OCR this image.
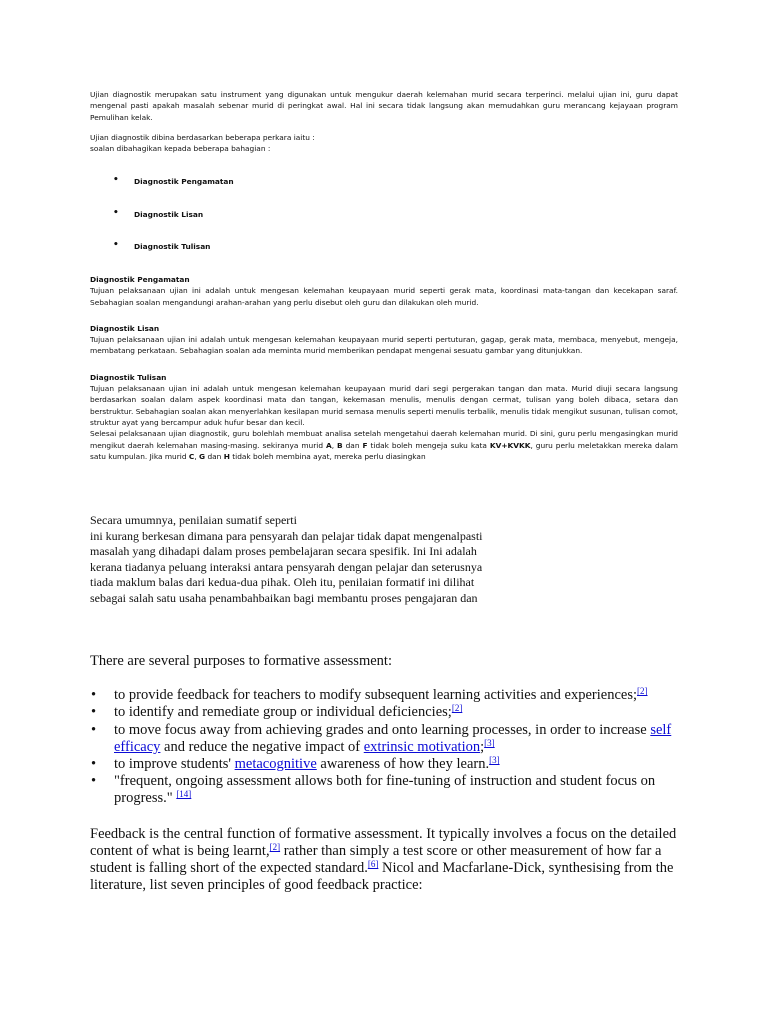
Ujian diagnostik merupakan satu instrument yang digunakan untuk mengukur daerah kelemahan murid secara terperinci. melalui ujian ini, guru dapat mengenal pasti apakah masalah sebenar murid di peringkat awal. Hal ini secara tidak langsung akan memudahkan guru merancang kejayaan program Pemulihan kelak.

Ujian diagnostik dibina berdasarkan beberapa perkara iaitu :

soalan dibahagikan kepada beberapa bahagian :

• Diagnostik Pengamatan
• Diagnostik Lisan
• Diagnostik Tulisan
Diagnostik Pengamatan

Tujuan pelaksanaan ujian ini adalah untuk mengesan kelemahan keupayaan murid seperti gerak mata, koordinasi mata-tangan dan kecekapan saraf. Sebahagian soalan mengandungi arahan-arahan yang perlu disebut oleh guru dan dilakukan oleh murid.

Diagnostik Lisan

Tujuan pelaksanaan ujian ini adalah untuk mengesan kelemahan keupayaan murid seperti pertuturan, gagap, gerak mata, membaca, menyebut, mengeja, membatang perkataan. Sebahagian soalan ada meminta murid memberikan pendapat mengenai sesuatu gambar yang ditunjukkan.

Diagnostik Tulisan

Tujuan pelaksanaan ujian ini adalah untuk mengesan kelemahan keupayaan murid dari segi pergerakan tangan dan mata. Murid diuji secara langsung berdasarkan soalan dalam aspek koordinasi mata dan tangan, kekemasan menulis, menulis dengan cermat, tulisan yang boleh dibaca, setara dan berstruktur. Sebahagian soalan akan menyerlahkan kesilapan murid semasa menulis seperti menulis terbalik, menulis tidak mengikut susunan, tulisan comot, struktur ayat yang bercampur aduk hufur besar dan kecil.

Selesai pelaksanaan ujian diagnostik, guru bolehlah membuat analisa setelah mengetahui daerah kelemahan murid. Di sini, guru perlu mengasingkan murid mengikut daerah kelemahan masing-masing. sekiranya murid A, B dan F tidak boleh mengeja suku kata KV+KVKK, guru perlu meletakkan mereka dalam satu kumpulan. Jika murid C, G dan H tidak boleh membina ayat, mereka perlu diasingkan

Secara umumnya, penilaian sumatif seperti
ini kurang berkesan dimana para pensyarah dan pelajar tidak dapat mengenalpasti
masalah yang dihadapi dalam proses pembelajaran secara spesifik. Ini Ini adalah
kerana tiadanya peluang interaksi antara pensyarah dengan pelajar dan seterusnya
tiada maklum balas dari kedua-dua pihak. Oleh itu, penilaian formatif ini dilihat
sebagai salah satu usaha penambahbaikan bagi membantu proses pengajaran dan

There are several purposes to formative assessment:

• to provide feedback for teachers to modify subsequent learning activities and experiences;[2]
• to identify and remediate group or individual deficiencies;[2]
• to move focus away from achieving grades and onto learning processes, in order to increase self efficacy and reduce the negative impact of extrinsic motivation;[3]
• to improve students' metacognitive awareness of how they learn.[3]
• "frequent, ongoing assessment allows both for fine-tuning of instruction and student focus on progress." [14]

Feedback is the central function of formative assessment. It typically involves a focus on the detailed content of what is being learnt,[2] rather than simply a test score or other measurement of how far a student is falling short of the expected standard.[6] Nicol and Macfarlane-Dick, synthesising from the literature, list seven principles of good feedback practice:
